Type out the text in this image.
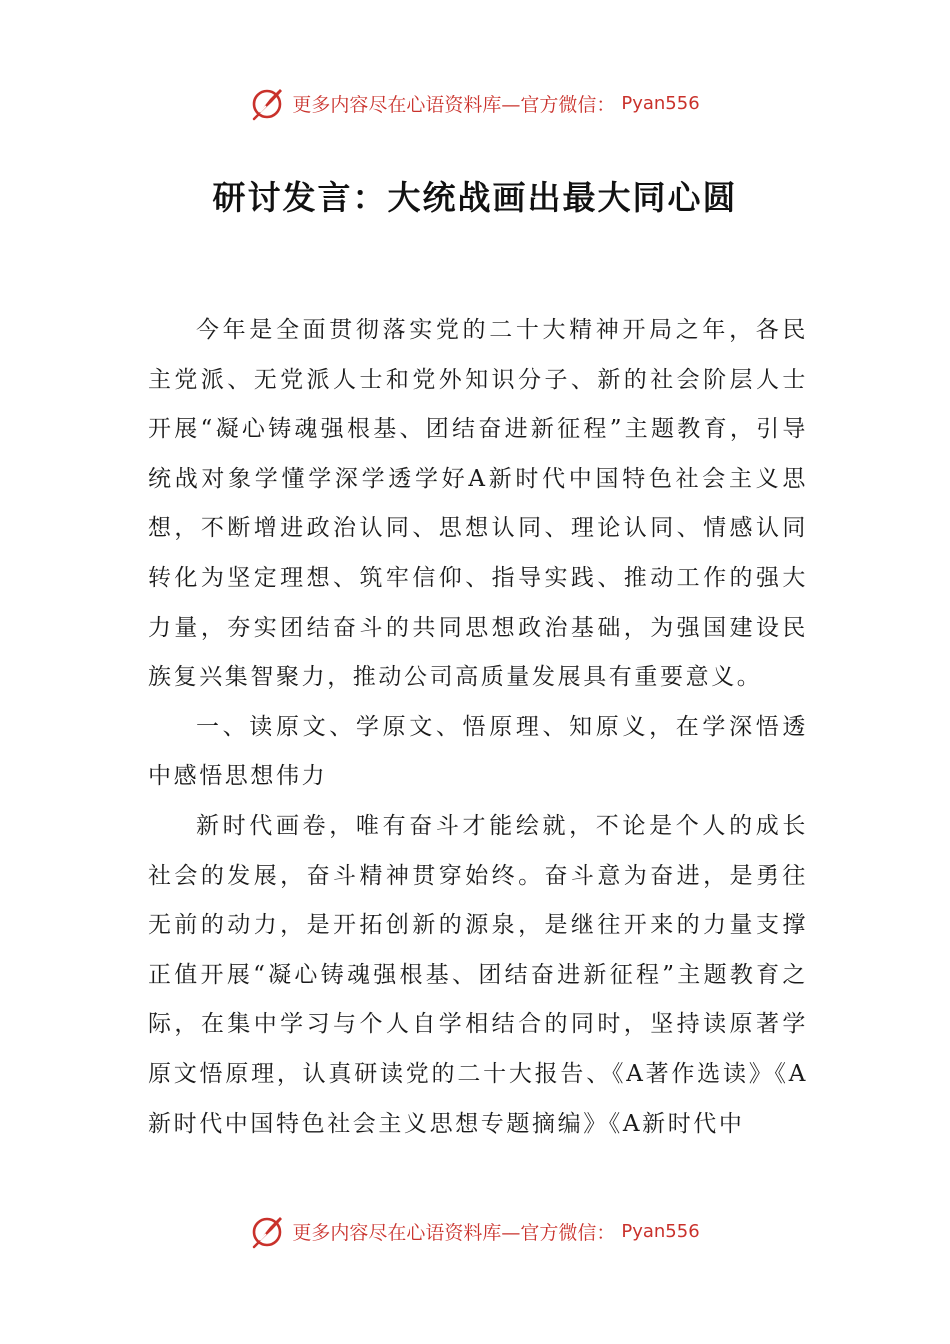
更多内容尽在心语资料库—官方微信： Pyan556
研讨发言：大统战画出最大同心圆

今年是全面贯彻落实党的二十大精神开局之年，各民主党派、无党派人士和党外知识分子、新的社会阶层人士开展“凝心铸魂强根基、团结奋进新征程”主题教育，引导统战对象学懂学深学透学好A新时代中国特色社会主义思想，不断增进政治认同、思想认同、理论认同、情感认同转化为坚定理想、筑牢信仰、指导实践、推动工作的强大力量，夯实团结奋斗的共同思想政治基础，为强国建设民族复兴集智聚力，推动公司高质量发展具有重要意义。

一、读原文、学原文、悟原理、知原义，在学深悟透中感悟思想伟力

新时代画卷，唯有奋斗才能绘就，不论是个人的成长社会的发展，奋斗精神贯穿始终。奋斗意为奋进，是勇往无前的动力，是开拓创新的源泉，是继往开来的力量支撑正值开展“凝心铸魂强根基、团结奋进新征程”主题教育之际，在集中学习与个人自学相结合的同时，坚持读原著学原文悟原理，认真研读党的二十大报告、《A著作选读》《A新时代中国特色社会主义思想专题摘编》《A新时代中

更多内容尽在心语资料库—官方微信： Pyan556
